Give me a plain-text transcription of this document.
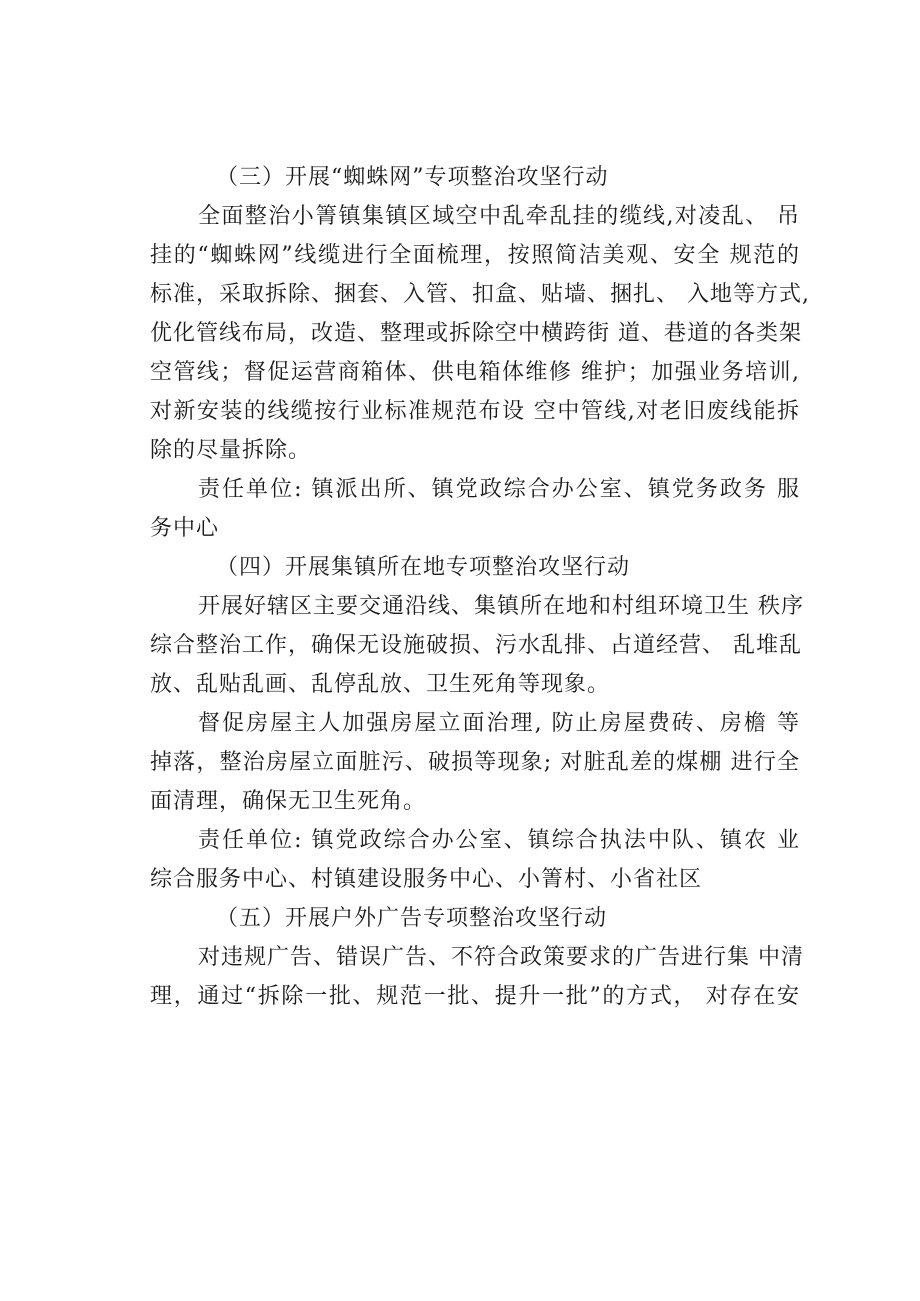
（三）开展“蜘蛛网”专项整治攻坚行动
全面整治小箐镇集镇区域空中乱牵乱挂的缆线,对凌乱、 吊
挂的“蜘蛛网”线缆进行全面梳理，按照简洁美观、安全 规范的
标准，采取拆除、捆套、入管、扣盒、贴墙、捆扎、 入地等方式,
优化管线布局，改造、整理或拆除空中横跨街 道、巷道的各类架
空管线；督促运营商箱体、供电箱体维修 维护；加强业务培训,
对新安装的线缆按行业标准规范布设 空中管线,对老旧废线能拆
除的尽量拆除。
责任单位: 镇派出所、镇党政综合办公室、镇党务政务 服
务中心
（四）开展集镇所在地专项整治攻坚行动
开展好辖区主要交通沿线、集镇所在地和村组环境卫生 秩序
综合整治工作，确保无设施破损、污水乱排、占道经营、 乱堆乱
放、乱贴乱画、乱停乱放、卫生死角等现象。
督促房屋主人加强房屋立面治理, 防止房屋费砖、房檐 等
掉落，整治房屋立面脏污、破损等现象; 对脏乱差的煤棚 进行全
面清理，确保无卫生死角。
责任单位: 镇党政综合办公室、镇综合执法中队、镇农 业
综合服务中心、村镇建设服务中心、小箐村、小省社区
（五）开展户外广告专项整治攻坚行动
对违规广告、错误广告、不符合政策要求的广告进行集 中清
理，通过“拆除一批、规范一批、提升一批”的方式， 对存在安
